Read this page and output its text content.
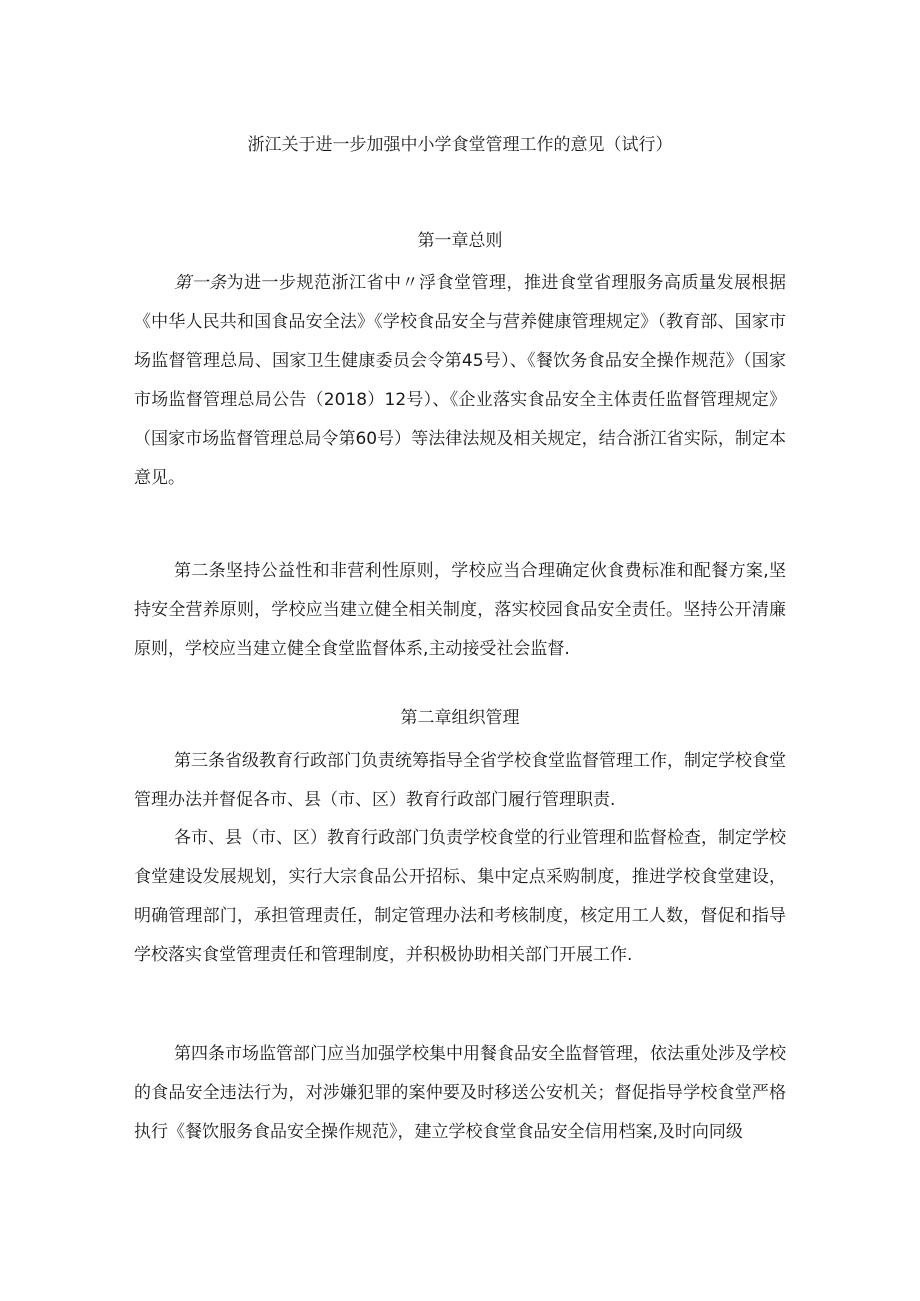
浙江关于进一步加强中小学食堂管理工作的意见（试行）
第一章总则

第一条为进一步规范浙江省中〃浮食堂管理，推进食堂省理服务高质量发展根据《中华人民共和国食品安全法》《学校食品安全与营养健康管理规定》（教育部、国家市场监督管理总局、国家卫生健康委员会令第45号）、《餐饮务食品安全操作规范》（国家市场监督管理总局公告（2018）12号）、《企业落实食品安全主体责任监督管理规定》（国家市场监督管理总局令第60号）等法律法规及相关规定，结合浙江省实际，制定本意见。

第二条坚持公益性和非营利性原则，学校应当合理确定伙食费标准和配餐方案,坚持安全营养原则，学校应当建立健全相关制度，落实校园食品安全责任。坚持公开清廉原则，学校应当建立健全食堂监督体系,主动接受社会监督.

第二章组织管理

第三条省级教育行政部门负责统筹指导全省学校食堂监督管理工作，制定学校食堂管理办法并督促各市、县（市、区）教育行政部门履行管理职责.

各市、县（市、区）教育行政部门负责学校食堂的行业管理和监督检查，制定学校食堂建设发展规划，实行大宗食品公开招标、集中定点采购制度，推进学校食堂建设，明确管理部门，承担管理责任，制定管理办法和考核制度，核定用工人数，督促和指导学校落实食堂管理责任和管理制度，并积极协助相关部门开展工作.

第四条市场监管部门应当加强学校集中用餐食品安全监督管理，依法重处涉及学校的食品安全违法行为，对涉嫌犯罪的案仲要及时移送公安机关；督促指导学校食堂严格执行《餐饮服务食品安全操作规范》，建立学校食堂食品安全信用档案,及时向同级
